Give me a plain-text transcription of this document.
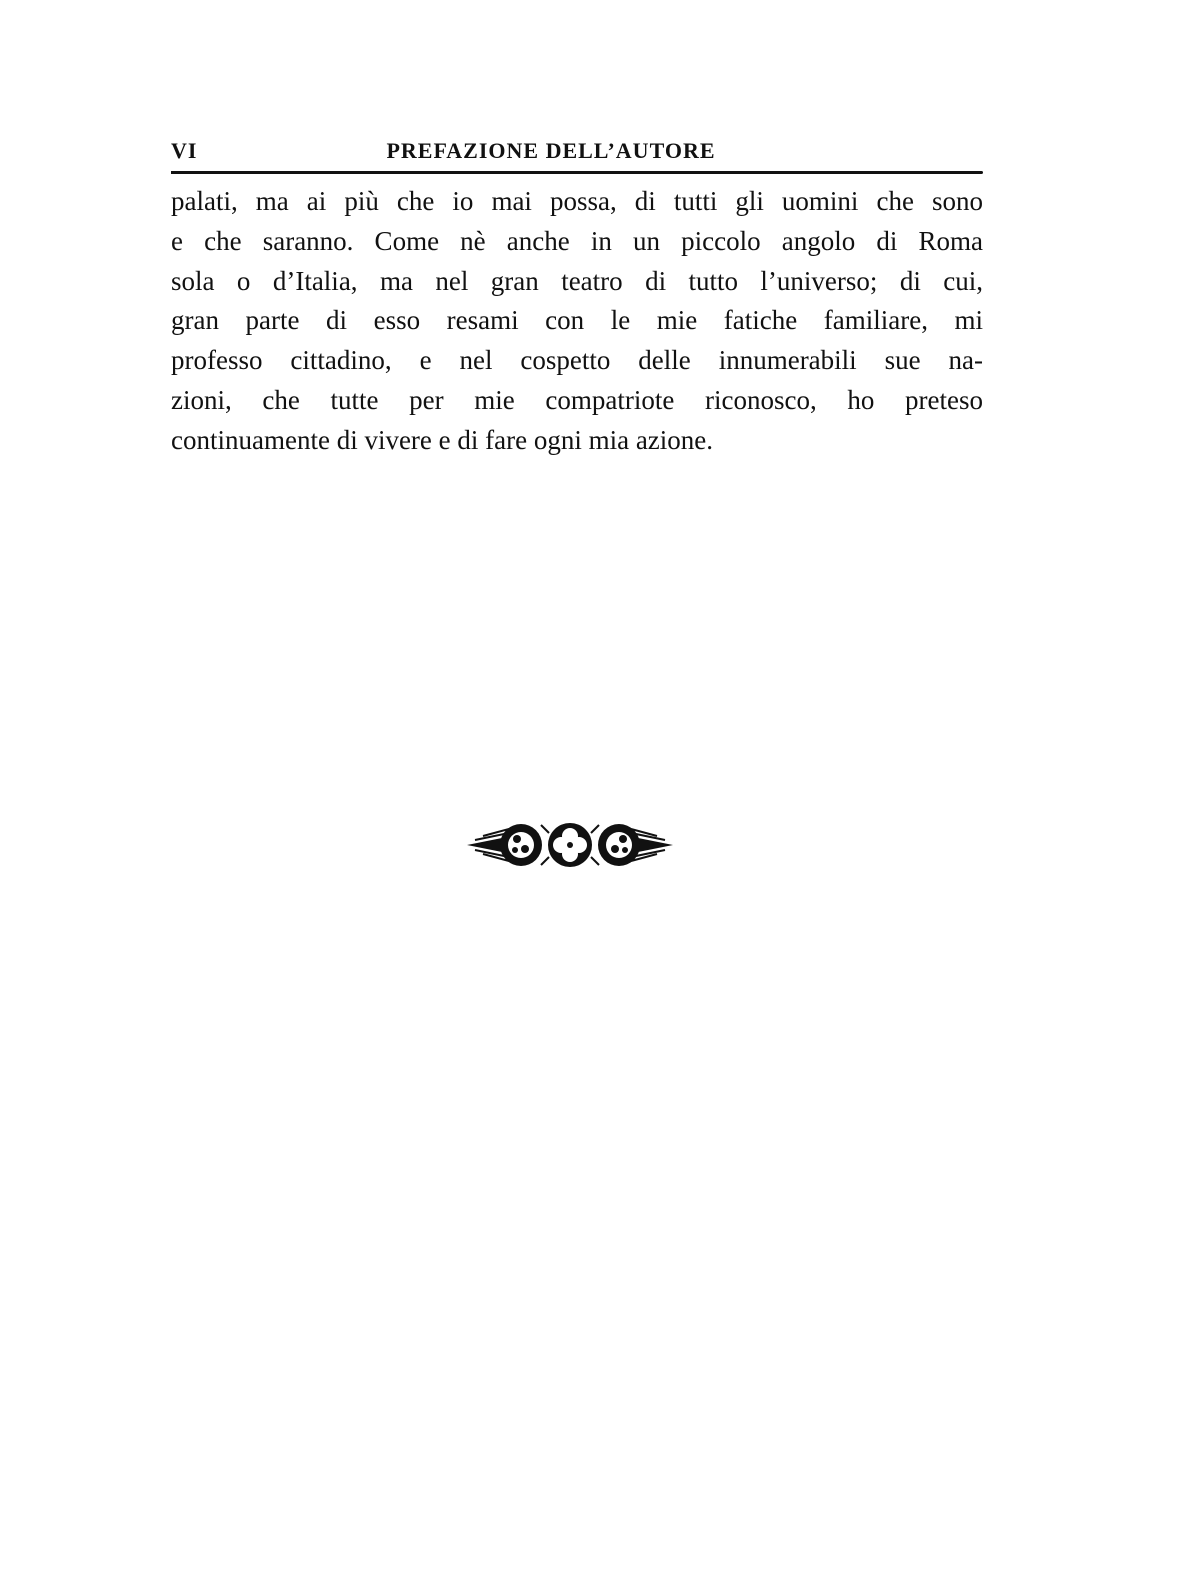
VI	PREFAZIONE DELL’AUTORE

palati, ma ai più che io mai possa, di tutti gli uomini che sono
e che saranno. Come nè anche in un piccolo angolo di Roma
sola o d’Italia, ma nel gran teatro di tutto l’universo; di cui,
gran parte di esso resami con le mie fatiche familiare, mi
professo cittadino, e nel cospetto delle innumerabili sue na-
zioni, che tutte per mie compatriote riconosco, ho preteso
continuamente di vivere e di fare ogni mia azione.
